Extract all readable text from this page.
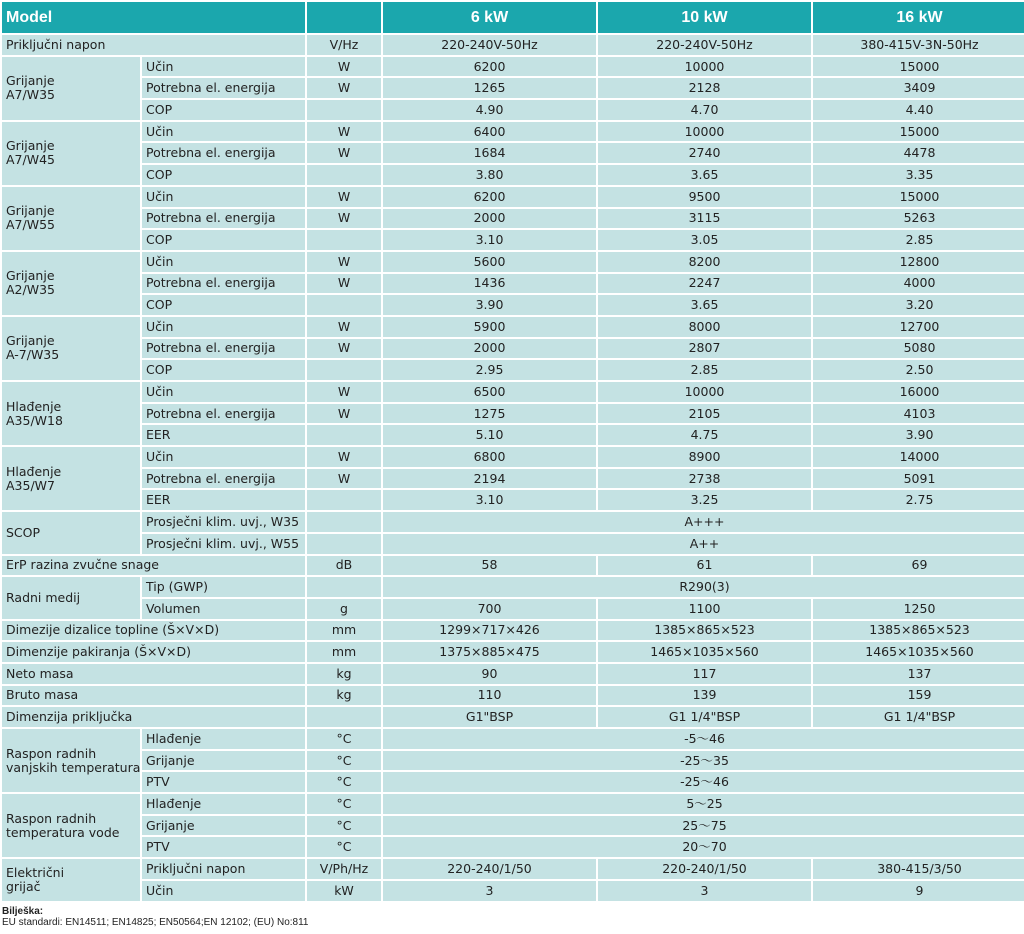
Model			6 kW	10 kW	16 kW
Priključni napon		V/Hz	220-240V-50Hz	220-240V-50Hz	380-415V-3N-50Hz
Grijanje
A7/W35	Učin	W	6200	10000	15000
	Potrebna el. energija	W	1265	2128	3409
	COP		4.90	4.70	4.40
Grijanje
A7/W45	Učin	W	6400	10000	15000
	Potrebna el. energija	W	1684	2740	4478
	COP		3.80	3.65	3.35
Grijanje
A7/W55	Učin	W	6200	9500	15000
	Potrebna el. energija	W	2000	3115	5263
	COP		3.10	3.05	2.85
Grijanje
A2/W35	Učin	W	5600	8200	12800
	Potrebna el. energija	W	1436	2247	4000
	COP		3.90	3.65	3.20
Grijanje
A-7/W35	Učin	W	5900	8000	12700
	Potrebna el. energija	W	2000	2807	5080
	COP		2.95	2.85	2.50
Hlađenje
A35/W18	Učin	W	6500	10000	16000
	Potrebna el. energija	W	1275	2105	4103
	EER		5.10	4.75	3.90
Hlađenje
A35/W7	Učin	W	6800	8900	14000
	Potrebna el. energija	W	2194	2738	5091
	EER		3.10	3.25	2.75
SCOP	Prosječni klim. uvj., W35		A+++		
	Prosječni klim. uvj., W55		A++		
ErP razina zvučne snage		dB	58	61	69
Radni medij	Tip (GWP)		R290(3)		
	Volumen	g	700	1100	1250
Dimezije dizalice topline (Š×V×D)		mm	1299×717×426	1385×865×523	1385×865×523
Dimenzije pakiranja (Š×V×D)		mm	1375×885×475	1465×1035×560	1465×1035×560
Neto masa		kg	90	117	137
Bruto masa		kg	110	139	159
Dimenzija priključka			G1"BSP	G1 1/4"BSP	G1 1/4"BSP
Raspon radnih
vanjskih temperatura	Hlađenje	°C	-5～46		
	Grijanje	°C	-25～35		
	PTV	°C	-25～46		
Raspon radnih
temperatura vode	Hlađenje	°C	5～25		
	Grijanje	°C	25～75		
	PTV	°C	20～70		
Električni
grijač	Priključni napon	V/Ph/Hz	220-240/1/50	220-240/1/50	380-415/3/50
	Učin	kW	3	3	9
Bilješka:
EU standardi: EN14511; EN14825; EN50564;EN 12102; (EU) No:811
